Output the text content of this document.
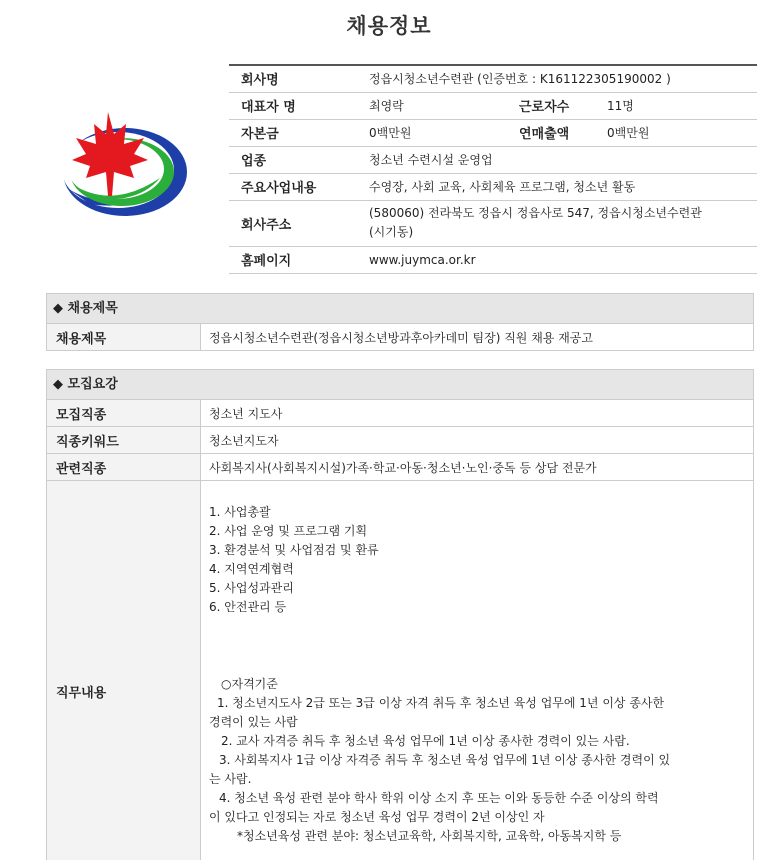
채용정보
회사명	정읍시청소년수련관 (인증번호 : K161122305190002 )		
대표자 명	최영락	근로자수	11명
자본금	0백만원	연매출액	0백만원
업종	청소년 수련시설 운영업		
주요사업내용	수영장, 사회 교육, 사회체육 프로그램, 청소년 활동		
회사주소	(580060) 전라북도 정읍시 정읍사로 547, 정읍시청소년수련관
(시기동)		

홈페이지	www.juymca.or.kr		
◆ 채용제목
채용제목	정읍시청소년수련관(정읍시청소년방과후아카데미 팀장) 직원 채용 재공고
◆ 모집요강
모집직종	청소년 지도사
직종키워드	청소년지도자
관련직종	사회복지사(사회복지시설)가족·학교·아동·청소년·노인·중독 등 상담 전문가
직무내용
1. 사업총괄
2. 사업 운영 및 프로그램 기획
3. 환경분석 및 사업점검 및 환류
4. 지역연계협력
5. 사업성과관리
6. 안전관리 등
○자격기준
1. 청소년지도사 2급 또는 3급 이상 자격 취득 후 청소년 육성 업무에 1년 이상 종사한
경력이 있는 사람
2. 교사 자격증 취득 후 청소년 육성 업무에 1년 이상 종사한 경력이 있는 사람.
3. 사회복지사 1급 이상 자격증 취득 후 청소년 육성 업무에 1년 이상 종사한 경력이 있
는 사람.
4. 청소년 육성 관련 분야 학사 학위 이상 소지 후 또는 이와 동등한 수준 이상의 학력
이 있다고 인정되는 자로 청소년 육성 업무 경력이 2년 이상인 자
*청소년육성 관련 분야: 청소년교육학, 사회복지학, 교육학, 아동복지학 등
